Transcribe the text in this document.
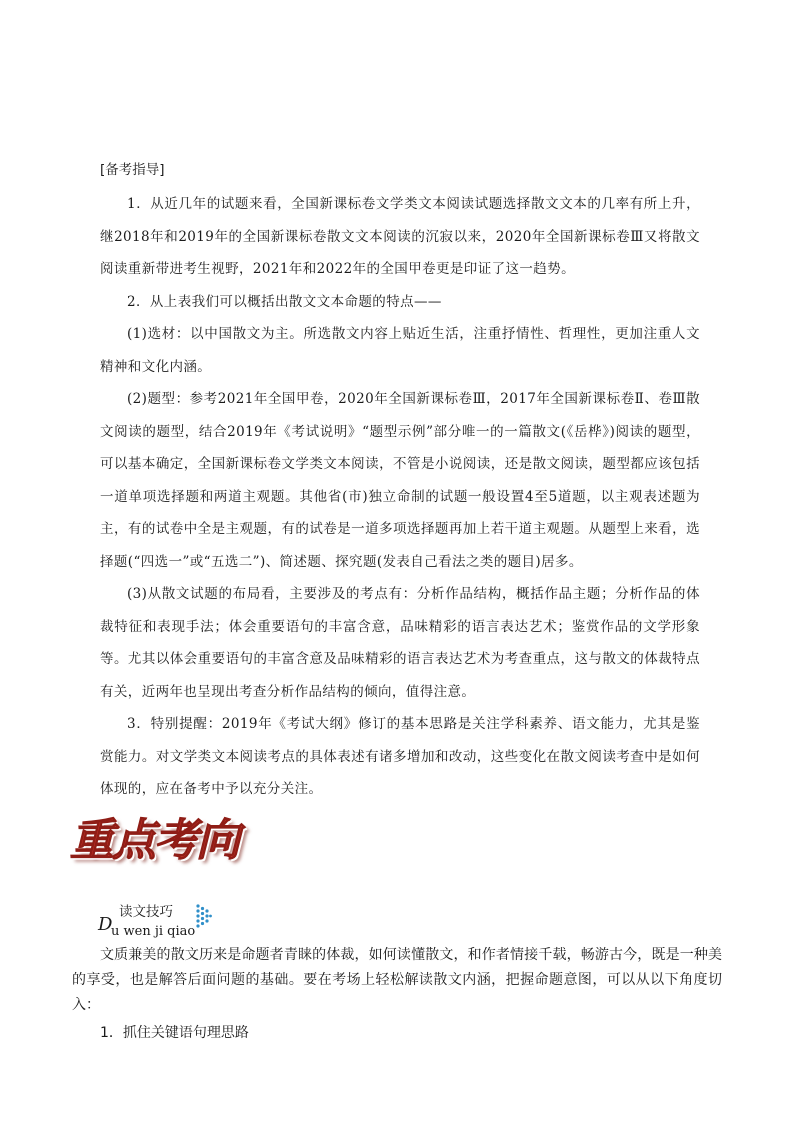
[备考指导]

1．从近几年的试题来看，全国新课标卷文学类文本阅读试题选择散文文本的几率有所上升，继2018年和2019年的全国新课标卷散文文本阅读的沉寂以来，2020年全国新课标卷Ⅲ又将散文阅读重新带进考生视野，2021年和2022年的全国甲卷更是印证了这一趋势。

2．从上表我们可以概括出散文文本命题的特点——

(1)选材：以中国散文为主。所选散文内容上贴近生活，注重抒情性、哲理性，更加注重人文精神和文化内涵。

(2)题型：参考2021年全国甲卷，2020年全国新课标卷Ⅲ，2017年全国新课标卷Ⅱ、卷Ⅲ散文阅读的题型，结合2019年《考试说明》“题型示例”部分唯一的一篇散文(《岳桦》)阅读的题型，可以基本确定，全国新课标卷文学类文本阅读，不管是小说阅读，还是散文阅读，题型都应该包括一道单项选择题和两道主观题。其他省(市)独立命制的试题一般设置4至5道题，以主观表述题为主，有的试卷中全是主观题，有的试卷是一道多项选择题再加上若干道主观题。从题型上来看，选择题(“四选一”或“五选二”)、简述题、探究题(发表自己看法之类的题目)居多。

(3)从散文试题的布局看，主要涉及的考点有：分析作品结构，概括作品主题；分析作品的体裁特征和表现手法；体会重要语句的丰富含意，品味精彩的语言表达艺术；鉴赏作品的文学形象等。尤其以体会重要语句的丰富含意及品味精彩的语言表达艺术为考查重点，这与散文的体裁特点有关，近两年也呈现出考查分析作品结构的倾向，值得注意。

3．特别提醒：2019年《考试大纲》修订的基本思路是关注学科素养、语文能力，尤其是鉴赏能力。对文学类文本阅读考点的具体表述有诸多增加和改动，这些变化在散文阅读考查中是如何体现的，应在备考中予以充分关注。

重点考向
D
读文技巧
u wen ji qiao

文质兼美的散文历来是命题者青睐的体裁，如何读懂散文，和作者情接千载，畅游古今，既是一种美的享受，也是解答后面问题的基础。要在考场上轻松解读散文内涵，把握命题意图，可以从以下角度切入：

1．抓住关键语句理思路
